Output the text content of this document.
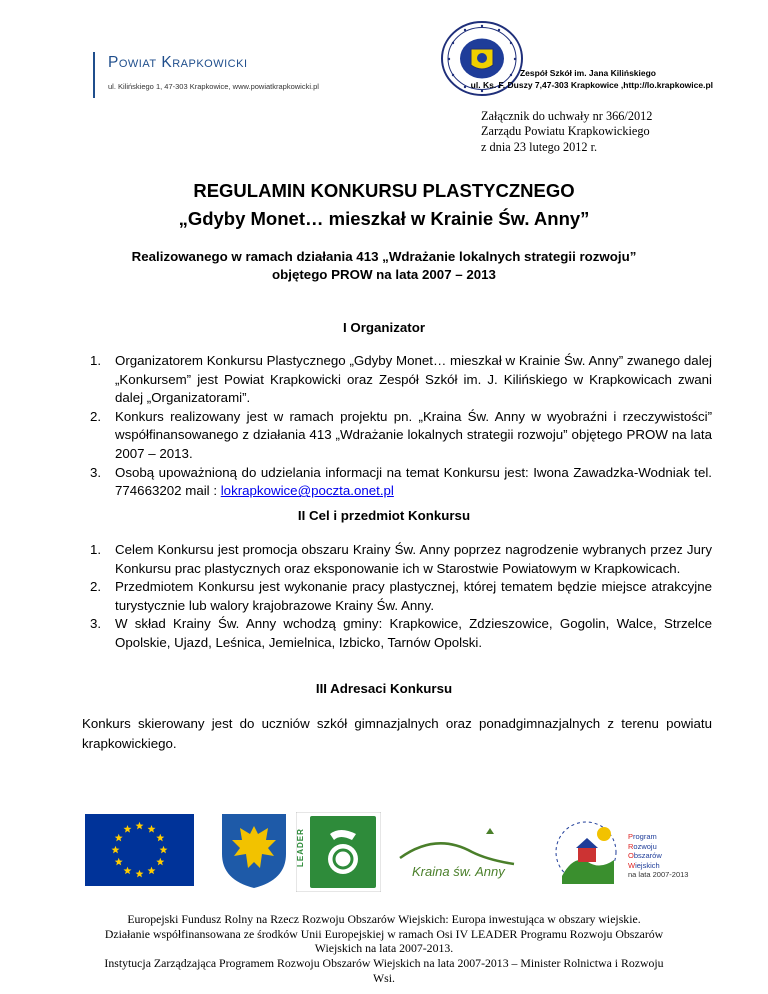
Powiat Krapkowicki
ul. Kilińskiego 1, 47-303 Krapkowice, www.powiatkrapkowicki.pl
Zespół Szkół im. Jana Kilińskiego
ul. Ks. F. Duszy 7,47-303 Krapkowice ,http://lo.krapkowice.pl
Załącznik do uchwały nr 366/2012
Zarządu Powiatu Krapkowickiego
z dnia 23 lutego 2012 r.
REGULAMIN KONKURSU PLASTYCZNEGO
„Gdyby Monet… mieszkał w Krainie Św. Anny”
Realizowanego w ramach działania 413 „Wdrażanie lokalnych strategii rozwoju”
objętego PROW na lata 2007 – 2013
I Organizator
1. Organizatorem Konkursu Plastycznego „Gdyby Monet… mieszkał w Krainie Św. Anny” zwanego dalej „Konkursem” jest Powiat Krapkowicki oraz Zespół Szkół im. J. Kilińskiego w Krapkowicach zwani dalej „Organizatorami”.
2. Konkurs realizowany jest w ramach projektu pn. „Kraina Św. Anny w wyobraźni i rzeczywistości” współfinansowanego z działania 413 „Wdrażanie lokalnych strategii rozwoju” objętego PROW na lata 2007 – 2013.
3. Osobą upoważnioną do udzielania informacji na temat Konkursu jest: Iwona Zawadzka-Wodniak tel. 774663202 mail : lokrapkowice@poczta.onet.pl
II Cel i przedmiot Konkursu
1. Celem Konkursu jest promocja obszaru Krainy Św. Anny poprzez nagrodzenie wybranych przez Jury Konkursu prac plastycznych oraz eksponowanie ich w Starostwie Powiatowym w Krapkowicach.
2. Przedmiotem Konkursu jest wykonanie pracy plastycznej, której tematem będzie miejsce atrakcyjne turystycznie lub walory krajobrazowe Krainy Św. Anny.
3. W skład Krainy Św. Anny wchodzą gminy: Krapkowice, Zdzieszowice, Gogolin, Walce, Strzelce Opolskie, Ujazd, Leśnica, Jemielnica, Izbicko, Tarnów Opolski.
III Adresaci Konkursu
Konkurs skierowany jest do uczniów szkół gimnazjalnych oraz ponadgimnazjalnych z terenu powiatu krapkowickiego.
LEADER
Kraina św. Anny
Program
Rozwoju
Obszarów
Wiejskich
na lata 2007-2013
Europejski Fundusz Rolny na Rzecz Rozwoju Obszarów Wiejskich: Europa inwestująca w obszary wiejskie.
Działanie współfinansowana ze środków Unii Europejskiej w ramach Osi IV LEADER Programu Rozwoju Obszarów
Wiejskich na lata 2007-2013.
Instytucja Zarządzająca Programem Rozwoju Obszarów Wiejskich na lata 2007-2013 – Minister Rolnictwa i Rozwoju
Wsi.
